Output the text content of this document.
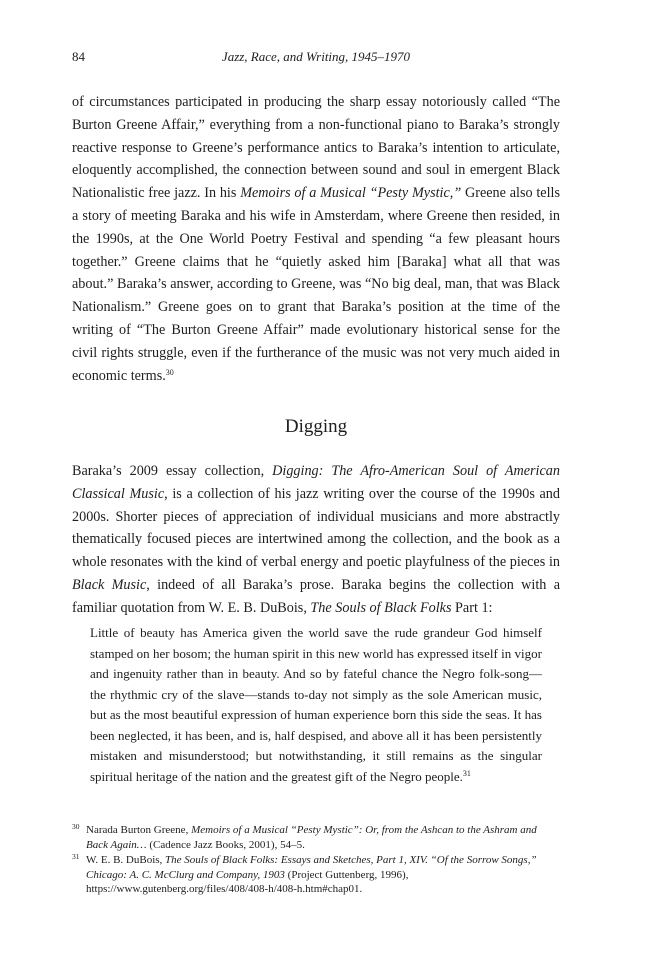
84	Jazz, Race, and Writing, 1945–1970

of circumstances participated in producing the sharp essay notoriously called “The Burton Greene Affair,” everything from a non-functional piano to Baraka’s strongly reactive response to Greene’s performance antics to Baraka’s intention to articulate, eloquently accomplished, the connection between sound and soul in emergent Black Nationalistic free jazz. In his Memoirs of a Musical “Pesty Mystic,” Greene also tells a story of meeting Baraka and his wife in Amsterdam, where Greene then resided, in the 1990s, at the One World Poetry Festival and spending “a few pleasant hours together.” Greene claims that he “quietly asked him [Baraka] what all that was about.” Baraka’s answer, according to Greene, was “No big deal, man, that was Black Nationalism.” Greene goes on to grant that Baraka’s position at the time of the writing of “The Burton Greene Affair” made evolutionary historical sense for the civil rights struggle, even if the furtherance of the music was not very much aided in economic terms.$^{30}$

Digging

Baraka’s 2009 essay collection, Digging: The Afro-American Soul of American Classical Music, is a collection of his jazz writing over the course of the 1990s and 2000s. Shorter pieces of appreciation of individual musicians and more abstractly thematically focused pieces are intertwined among the collection, and the book as a whole resonates with the kind of verbal energy and poetic playfulness of the pieces in Black Music, indeed of all Baraka’s prose. Baraka begins the collection with a familiar quotation from W. E. B. DuBois, The Souls of Black Folks Part 1:

Little of beauty has America given the world save the rude grandeur God himself stamped on her bosom; the human spirit in this new world has expressed itself in vigor and ingenuity rather than in beauty. And so by fateful chance the Negro folk-song—the rhythmic cry of the slave—stands to-day not simply as the sole American music, but as the most beautiful expression of human experience born this side the seas. It has been neglected, it has been, and is, half despised, and above all it has been persistently mistaken and misunderstood; but notwithstanding, it still remains as the singular spiritual heritage of the nation and the greatest gift of the Negro people.$^{31}$

30 Narada Burton Greene, Memoirs of a Musical “Pesty Mystic”: Or, from the Ashcan to the Ashram and Back Again… (Cadence Jazz Books, 2001), 54–5.

31 W. E. B. DuBois, The Souls of Black Folks: Essays and Sketches, Part 1, XIV. “Of the Sorrow Songs,” Chicago: A. C. McClurg and Company, 1903 (Project Guttenberg, 1996), https://www.gutenberg.org/files/408/408-h/408-h.htm#chap01.
